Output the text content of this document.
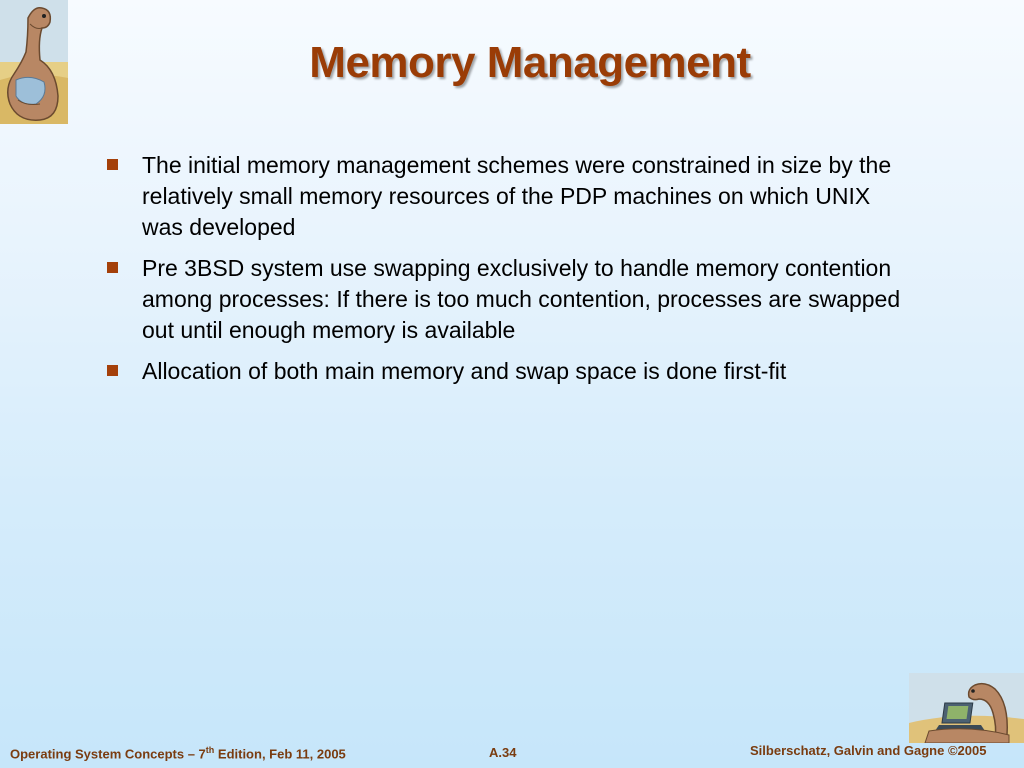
Memory Management
The initial memory management schemes were constrained in size by the relatively small memory resources of the PDP machines on which UNIX was developed
Pre 3BSD system use swapping exclusively to handle memory contention among processes: If there is too much contention, processes are swapped out until enough memory is available
Allocation of both main memory and swap space is done first-fit
Operating System Concepts – 7th Edition, Feb 11, 2005	A.34	Silberschatz, Galvin and Gagne ©2005
